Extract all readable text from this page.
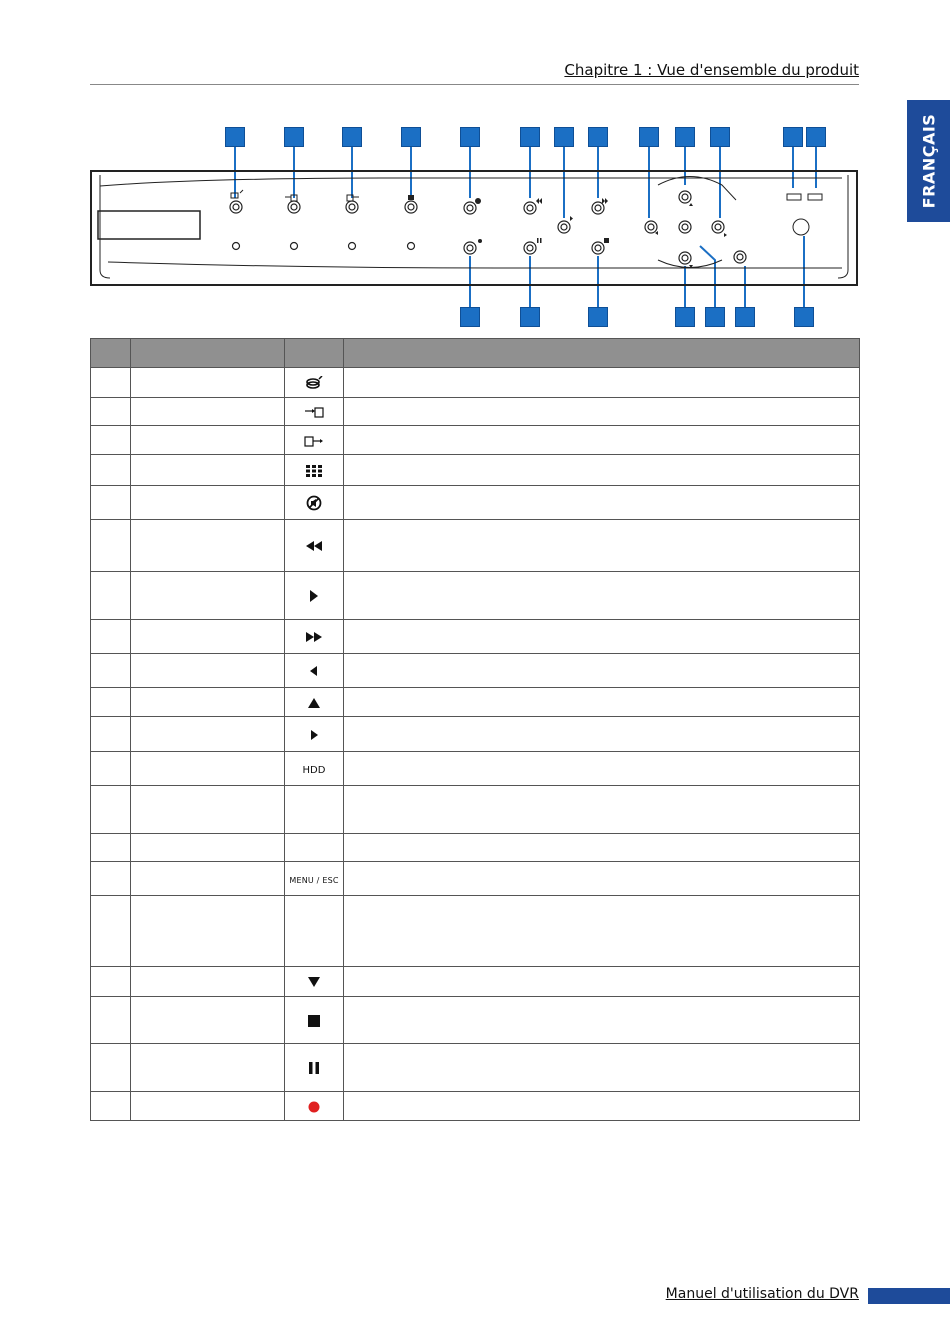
Chapitre 1 : Vue d'ensemble du produit
FRANÇAIS

		HDD	

		MENU / ESC	

Manuel d'utilisation du DVR
